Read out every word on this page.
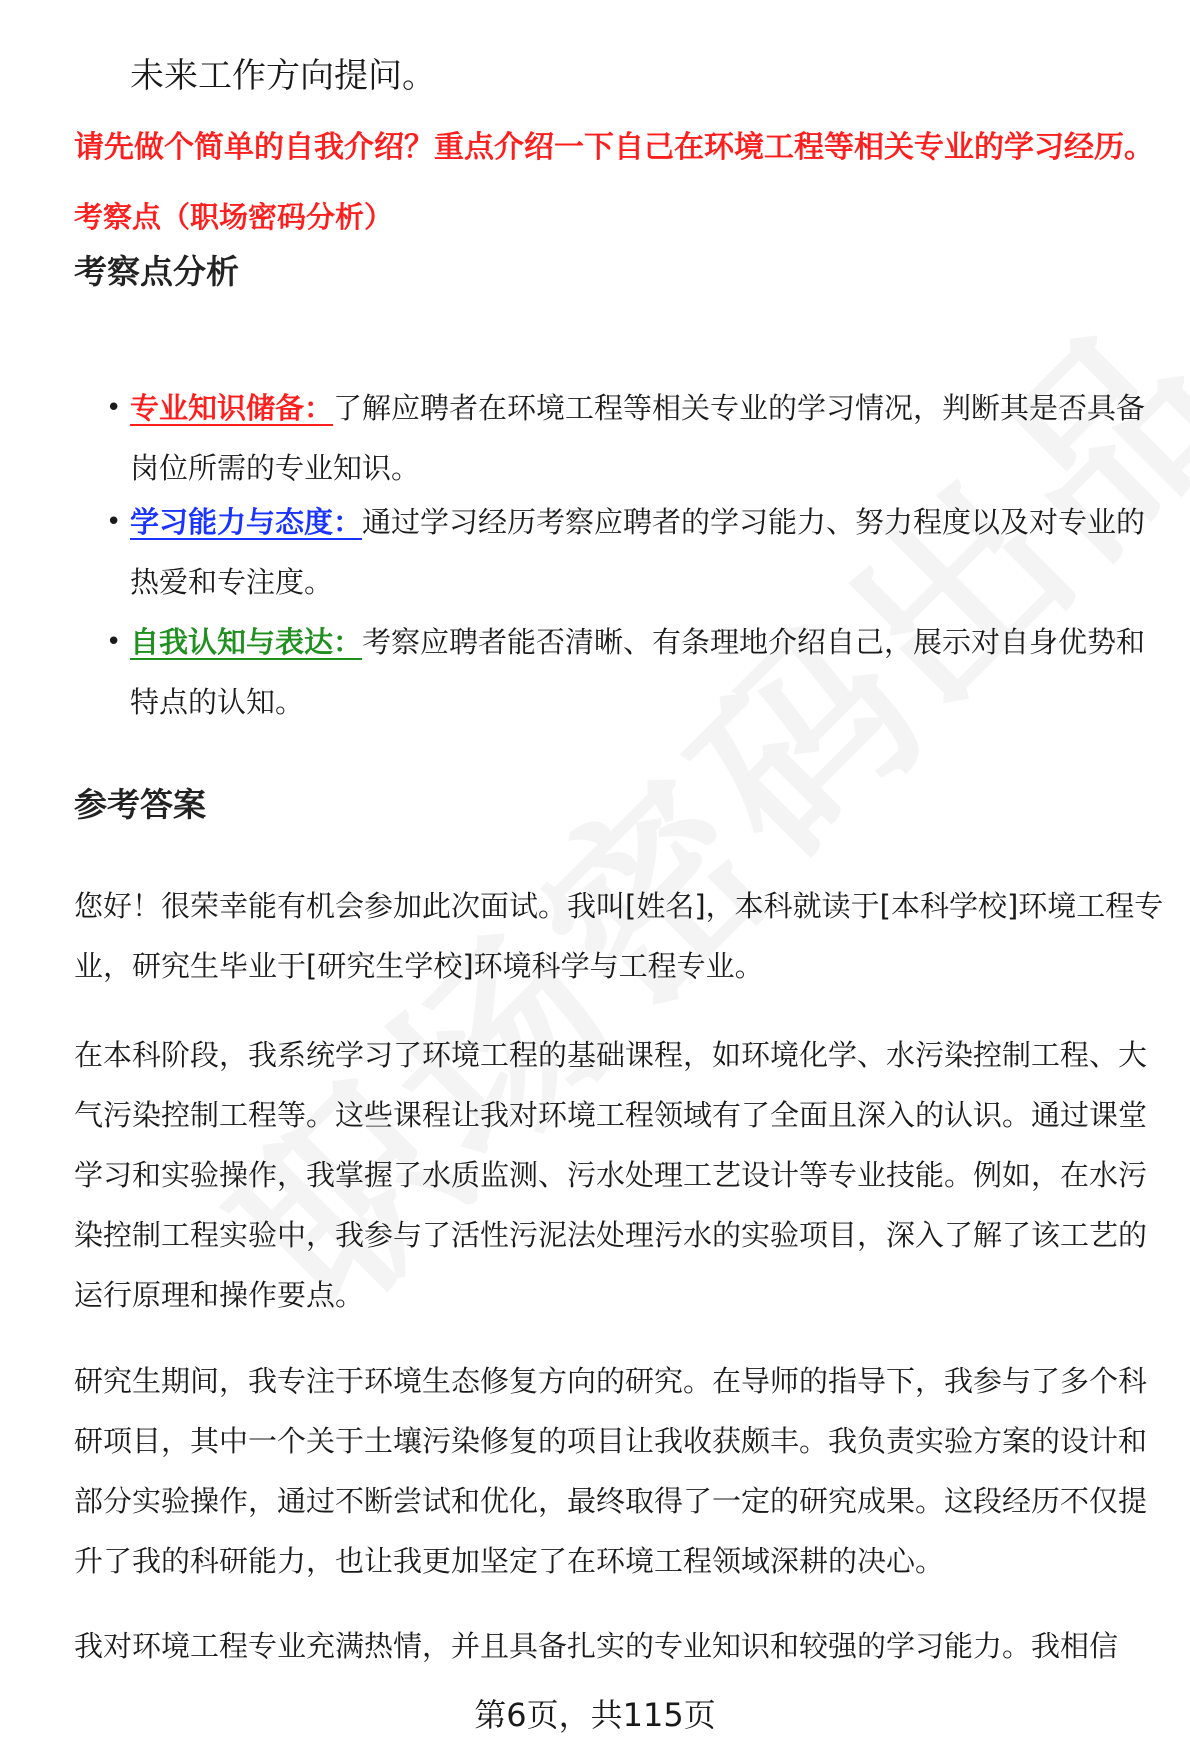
未来工作方向提问。
请先做个简单的自我介绍？重点介绍一下自己在环境工程等相关专业的学习经历。
考察点（职场密码分析）
考察点分析
• 专业知识储备：了解应聘者在环境工程等相关专业的学习情况，判断其是否具备岗位所需的专业知识。
• 学习能力与态度：通过学习经历考察应聘者的学习能力、努力程度以及对专业的热爱和专注度。
• 自我认知与表达：考察应聘者能否清晰、有条理地介绍自己，展示对自身优势和特点的认知。
参考答案

您好！很荣幸能有机会参加此次面试。我叫[姓名]，本科就读于[本科学校]环境工程专业，研究生毕业于[研究生学校]环境科学与工程专业。

在本科阶段，我系统学习了环境工程的基础课程，如环境化学、水污染控制工程、大气污染控制工程等。这些课程让我对环境工程领域有了全面且深入的认识。通过课堂学习和实验操作，我掌握了水质监测、污水处理工艺设计等专业技能。例如，在水污染控制工程实验中，我参与了活性污泥法处理污水的实验项目，深入了解了该工艺的运行原理和操作要点。

研究生期间，我专注于环境生态修复方向的研究。在导师的指导下，我参与了多个科研项目，其中一个关于土壤污染修复的项目让我收获颇丰。我负责实验方案的设计和部分实验操作，通过不断尝试和优化，最终取得了一定的研究成果。这段经历不仅提升了我的科研能力，也让我更加坚定了在环境工程领域深耕的决心。

我对环境工程专业充满热情，并且具备扎实的专业知识和较强的学习能力。我相信

第6页，共115页
